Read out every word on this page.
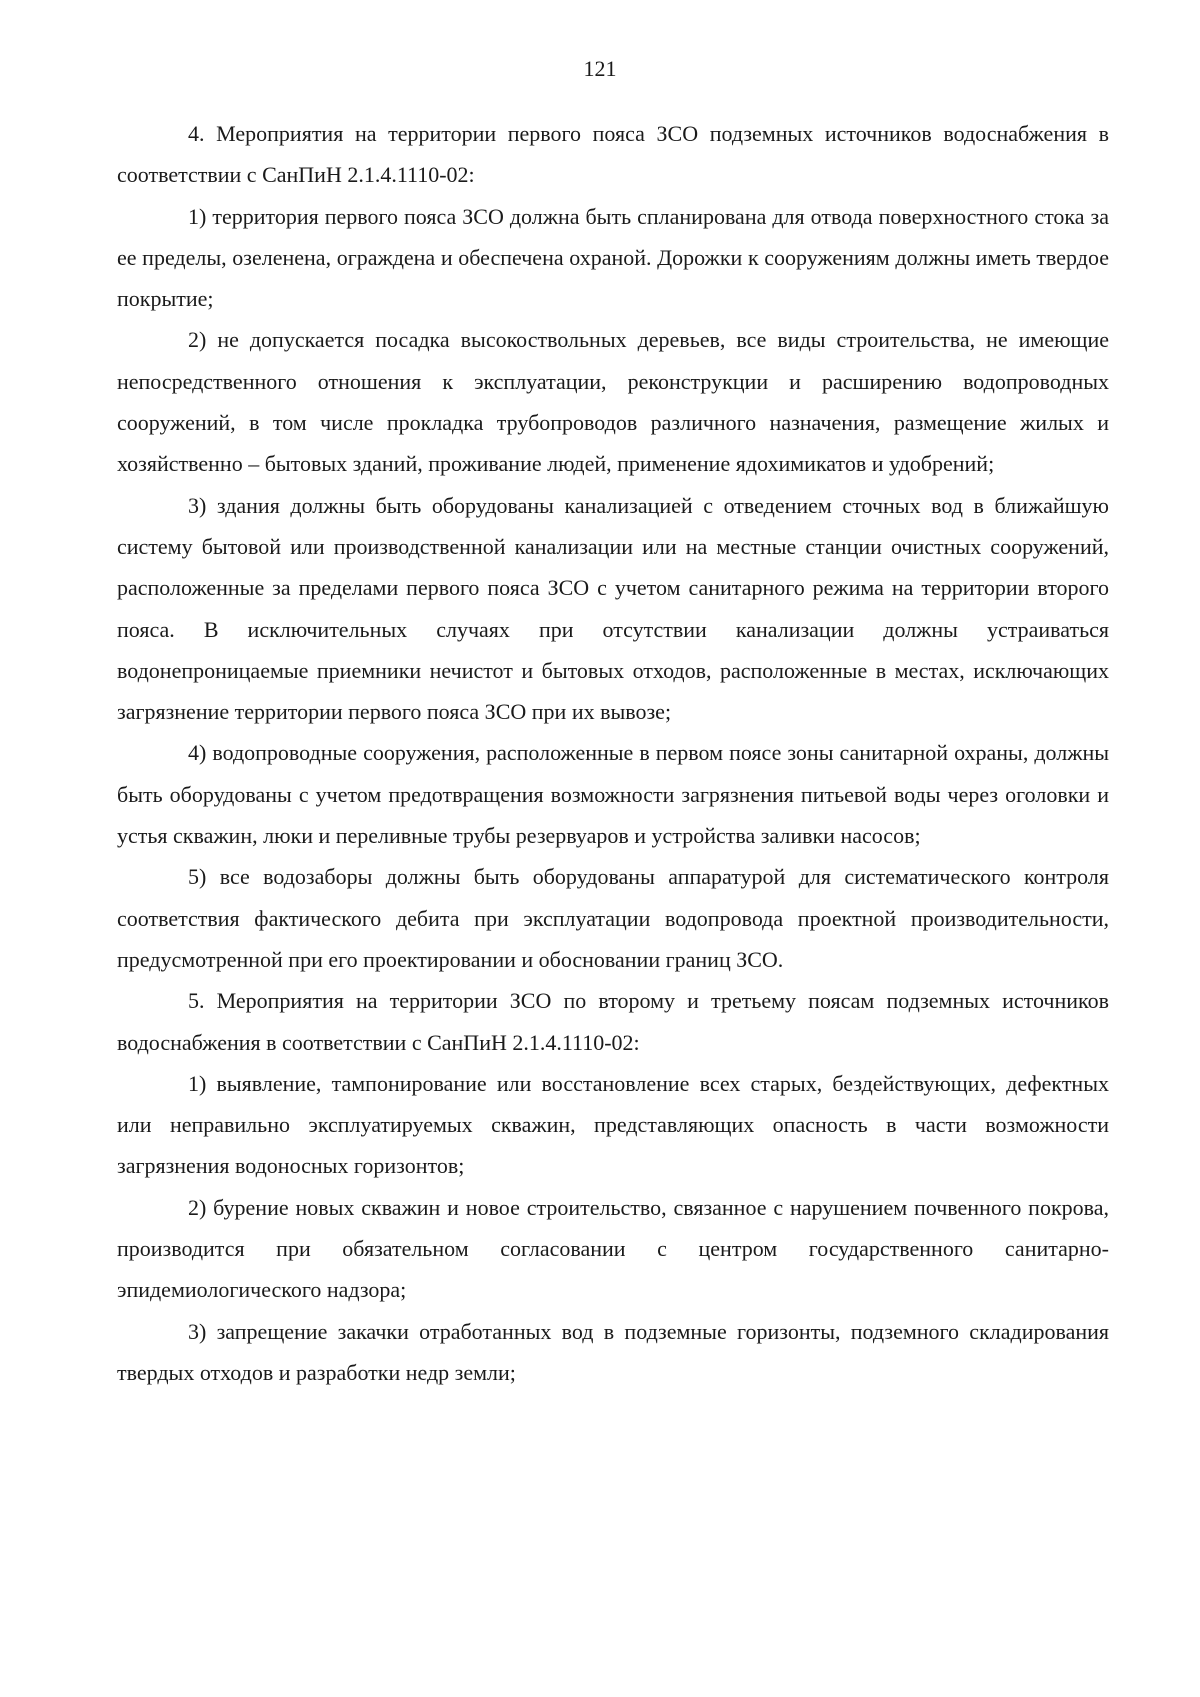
121

4. Мероприятия на территории первого пояса ЗСО подземных источников водоснабжения в соответствии с СанПиН 2.1.4.1110-02:

1) территория первого пояса ЗСО должна быть спланирована для отвода поверхностного стока за ее пределы, озеленена, ограждена и обеспечена охраной. Дорожки к сооружениям должны иметь твердое покрытие;

2) не допускается посадка высокоствольных деревьев, все виды строительства, не имеющие непосредственного отношения к эксплуатации, реконструкции и расширению водопроводных сооружений, в том числе прокладка трубопроводов различного назначения, размещение жилых и хозяйственно – бытовых зданий, проживание людей, применение ядохимикатов и удобрений;

3) здания должны быть оборудованы канализацией с отведением сточных вод в ближайшую систему бытовой или производственной канализации или на местные станции очистных сооружений, расположенные за пределами первого пояса ЗСО с учетом санитарного режима на территории второго пояса. В исключительных случаях при отсутствии канализации должны устраиваться водонепроницаемые приемники нечистот и бытовых отходов, расположенные в местах, исключающих загрязнение территории первого пояса ЗСО при их вывозе;

4) водопроводные сооружения, расположенные в первом поясе зоны санитарной охраны, должны быть оборудованы с учетом предотвращения возможности загрязнения питьевой воды через оголовки и устья скважин, люки и переливные трубы резервуаров и устройства заливки насосов;

5) все водозаборы должны быть оборудованы аппаратурой для систематического контроля соответствия фактического дебита при эксплуатации водопровода проектной производительности, предусмотренной при его проектировании и обосновании границ ЗСО.

5. Мероприятия на территории ЗСО по второму и третьему поясам подземных источников водоснабжения в соответствии с СанПиН 2.1.4.1110-02:

1) выявление, тампонирование или восстановление всех старых, бездействующих, дефектных или неправильно эксплуатируемых скважин, представляющих опасность в части возможности загрязнения водоносных горизонтов;

2) бурение новых скважин и новое строительство, связанное с нарушением почвенного покрова, производится при обязательном согласовании с центром государственного санитарно-эпидемиологического надзора;

3) запрещение закачки отработанных вод в подземные горизонты, подземного складирования твердых отходов и разработки недр земли;
